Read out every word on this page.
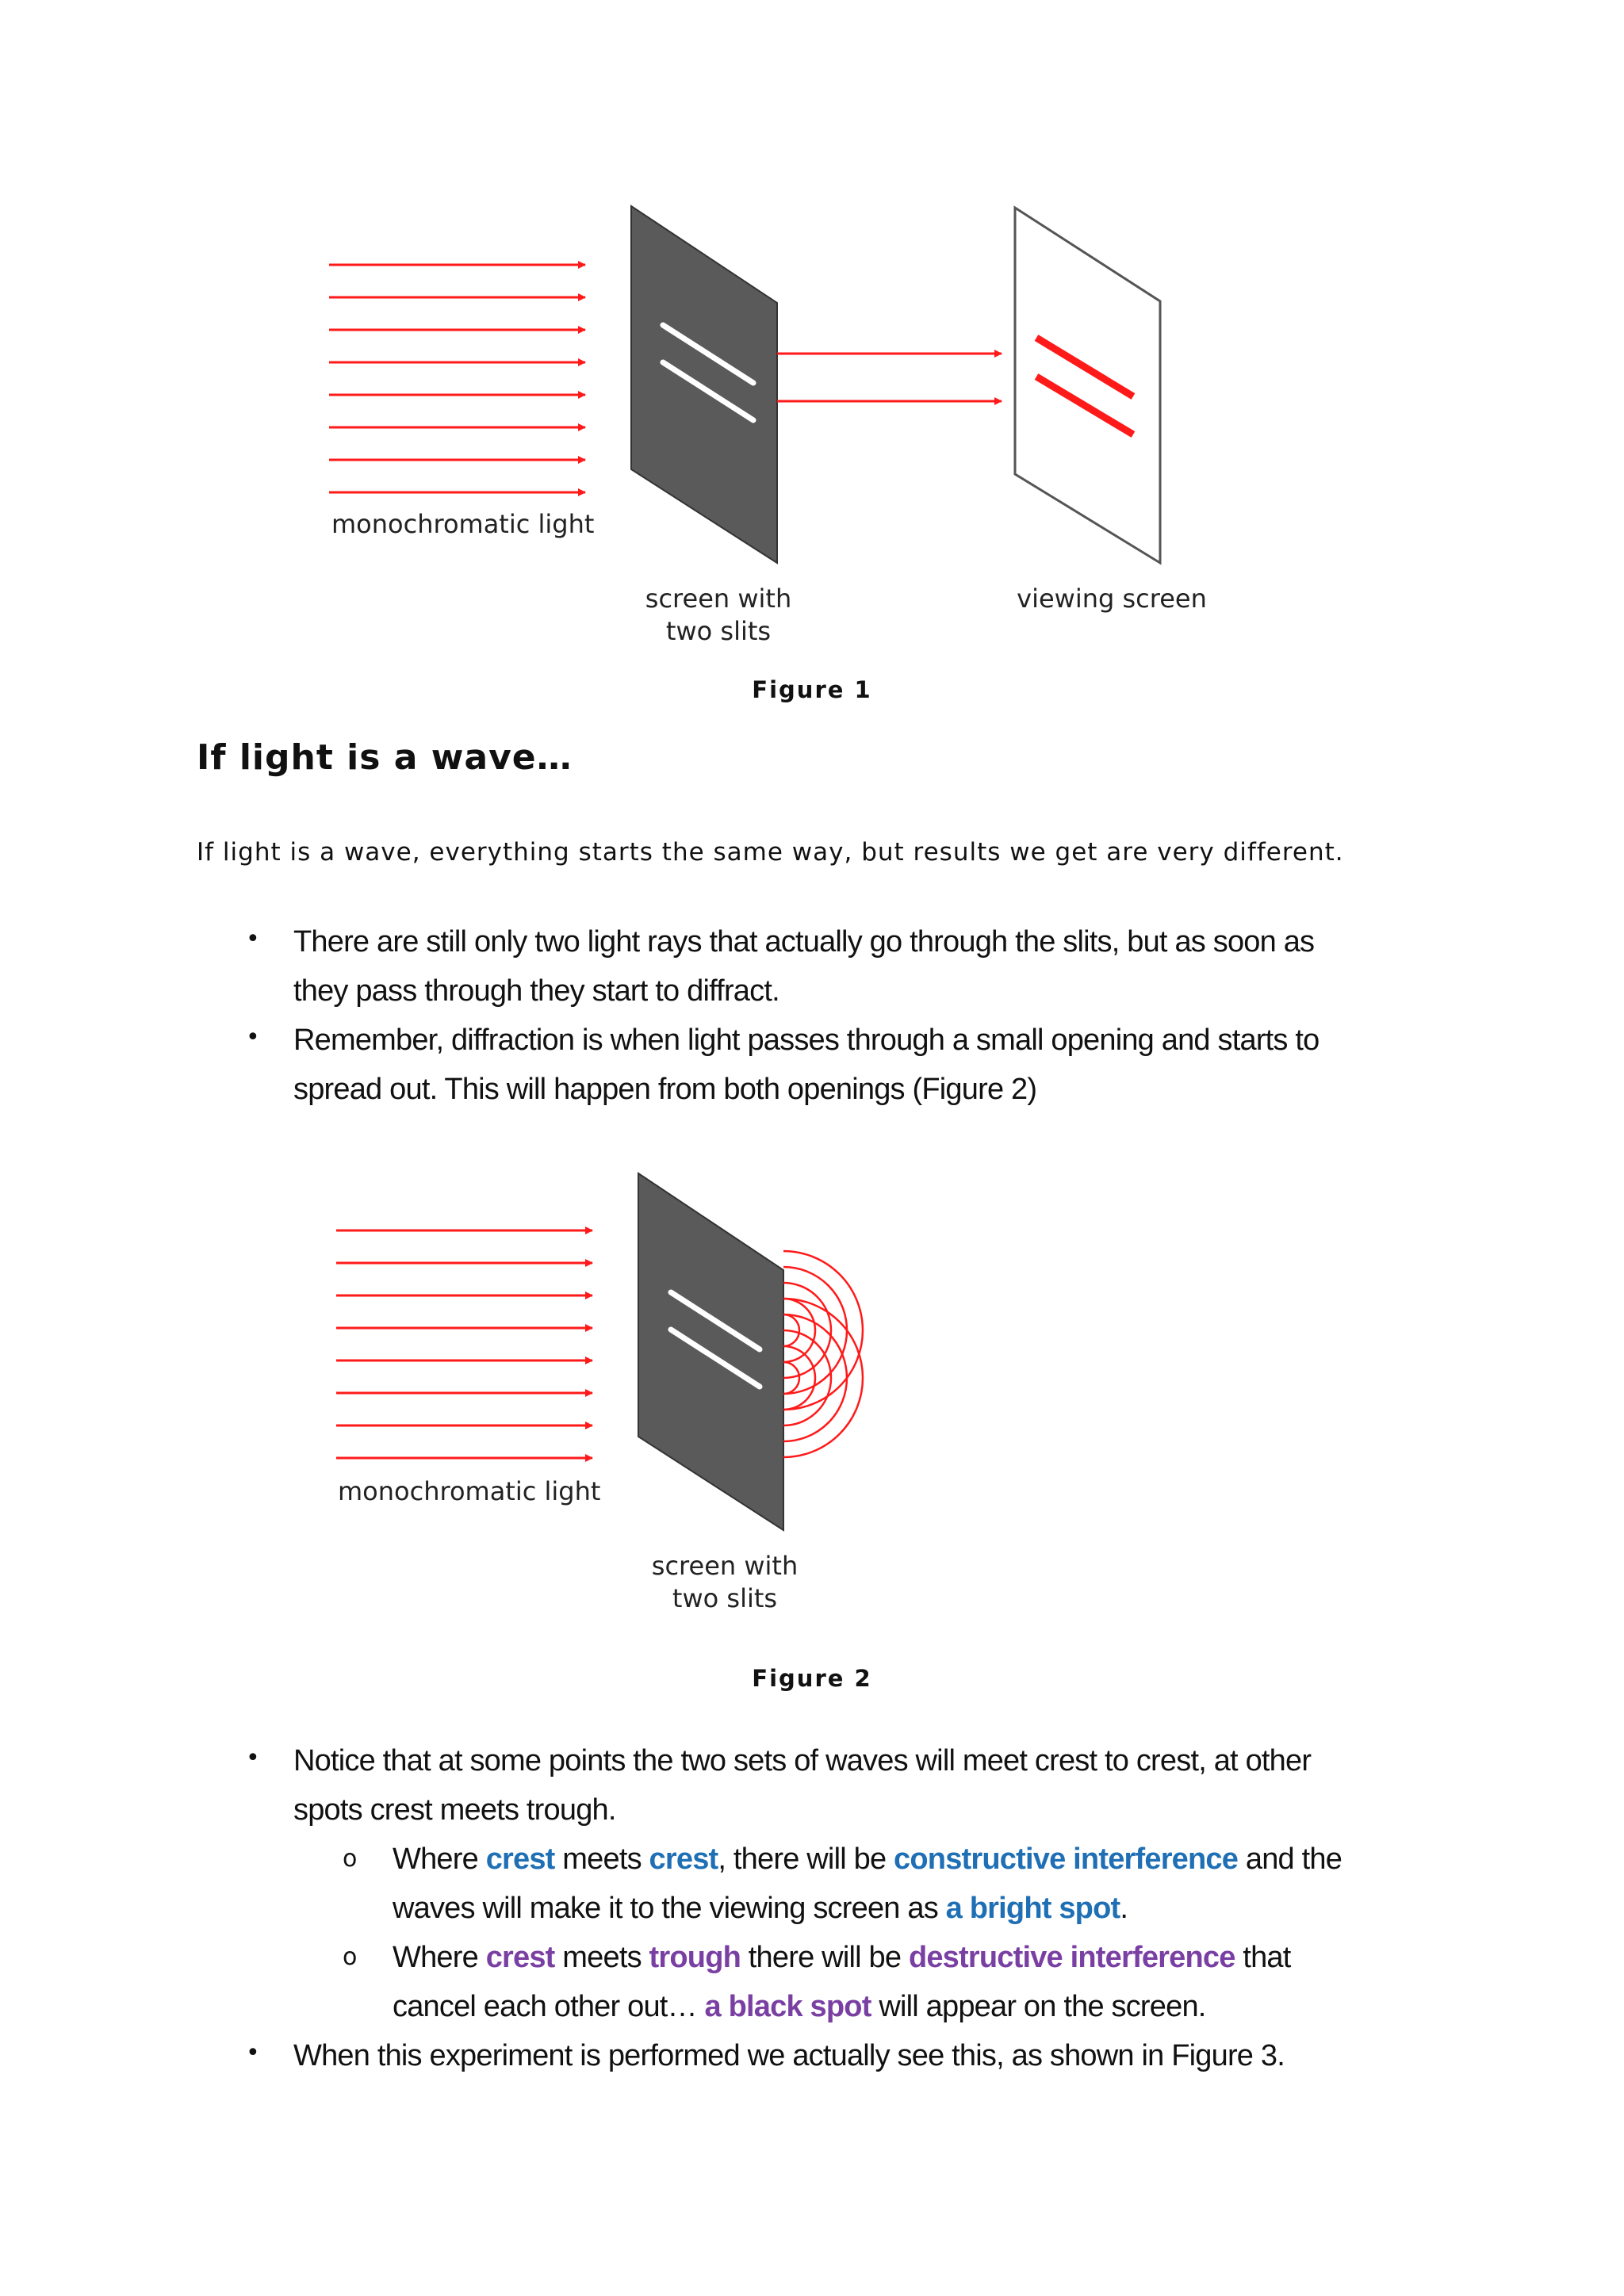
monochromatic light
screen with
two slits
viewing screen
Figure 1
If light is a wave…
If light is a wave, everything starts the same way, but results we get are very different.
• There are still only two light rays that actually go through the slits, but as soon as
they pass through they start to diffract.
• Remember, diffraction is when light passes through a small opening and starts to
spread out. This will happen from both openings (Figure 2)
monochromatic light
screen with
two slits
Figure 2
• Notice that at some points the two sets of waves will meet crest to crest, at other
spots crest meets trough.
o Where crest meets crest, there will be constructive interference and the
waves will make it to the viewing screen as a bright spot.
o Where crest meets trough there will be destructive interference that
cancel each other out… a black spot will appear on the screen.
• When this experiment is performed we actually see this, as shown in Figure 3.
